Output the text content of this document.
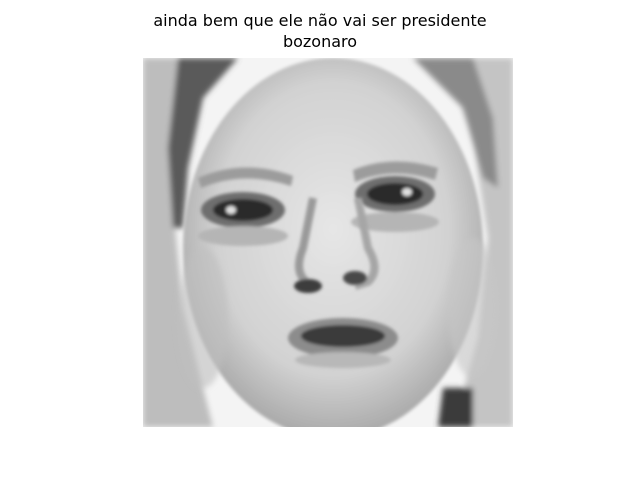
ainda bem que ele não vai ser presidente
bozonaro
